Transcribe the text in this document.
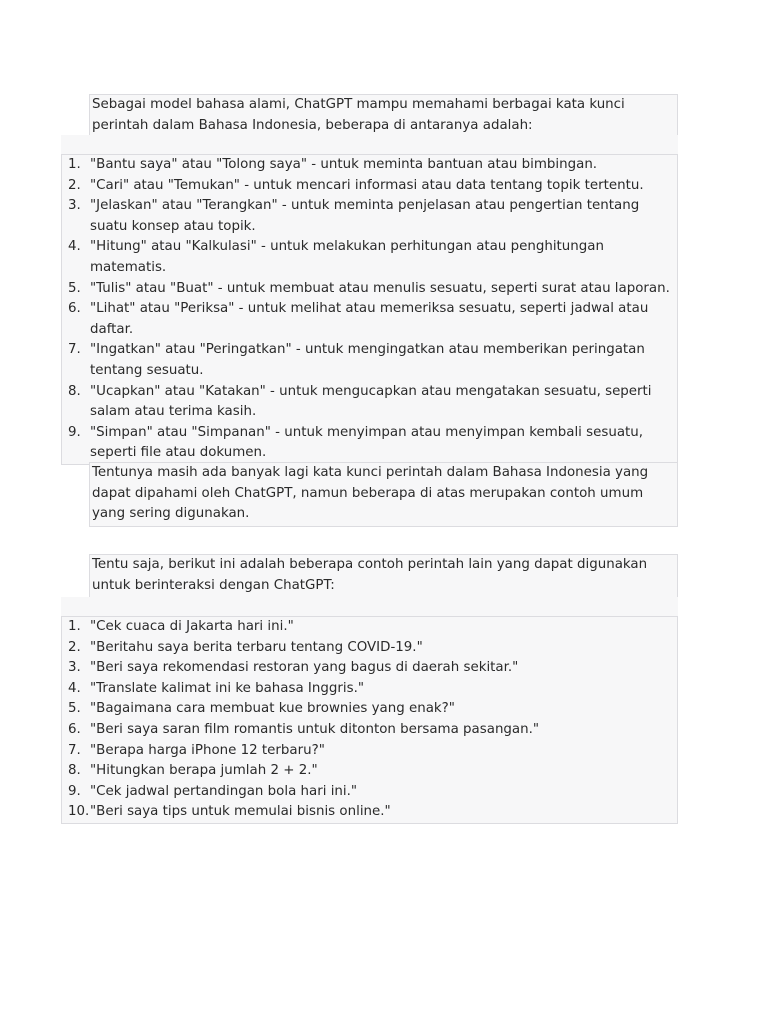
Sebagai model bahasa alami, ChatGPT mampu memahami berbagai kata kunci perintah dalam Bahasa Indonesia, beberapa di antaranya adalah:

1. "Bantu saya" atau "Tolong saya" - untuk meminta bantuan atau bimbingan.
2. "Cari" atau "Temukan" - untuk mencari informasi atau data tentang topik tertentu.
3. "Jelaskan" atau "Terangkan" - untuk meminta penjelasan atau pengertian tentang suatu konsep atau topik.
4. "Hitung" atau "Kalkulasi" - untuk melakukan perhitungan atau penghitungan matematis.
5. "Tulis" atau "Buat" - untuk membuat atau menulis sesuatu, seperti surat atau laporan.
6. "Lihat" atau "Periksa" - untuk melihat atau memeriksa sesuatu, seperti jadwal atau daftar.
7. "Ingatkan" atau "Peringatkan" - untuk mengingatkan atau memberikan peringatan tentang sesuatu.
8. "Ucapkan" atau "Katakan" - untuk mengucapkan atau mengatakan sesuatu, seperti salam atau terima kasih.
9. "Simpan" atau "Simpanan" - untuk menyimpan atau menyimpan kembali sesuatu, seperti file atau dokumen.

Tentunya masih ada banyak lagi kata kunci perintah dalam Bahasa Indonesia yang dapat dipahami oleh ChatGPT, namun beberapa di atas merupakan contoh umum yang sering digunakan.

Tentu saja, berikut ini adalah beberapa contoh perintah lain yang dapat digunakan untuk berinteraksi dengan ChatGPT:

1. "Cek cuaca di Jakarta hari ini."
2. "Beritahu saya berita terbaru tentang COVID-19."
3. "Beri saya rekomendasi restoran yang bagus di daerah sekitar."
4. "Translate kalimat ini ke bahasa Inggris."
5. "Bagaimana cara membuat kue brownies yang enak?"
6. "Beri saya saran film romantis untuk ditonton bersama pasangan."
7. "Berapa harga iPhone 12 terbaru?"
8. "Hitungkan berapa jumlah 2 + 2."
9. "Cek jadwal pertandingan bola hari ini."
10. "Beri saya tips untuk memulai bisnis online."
